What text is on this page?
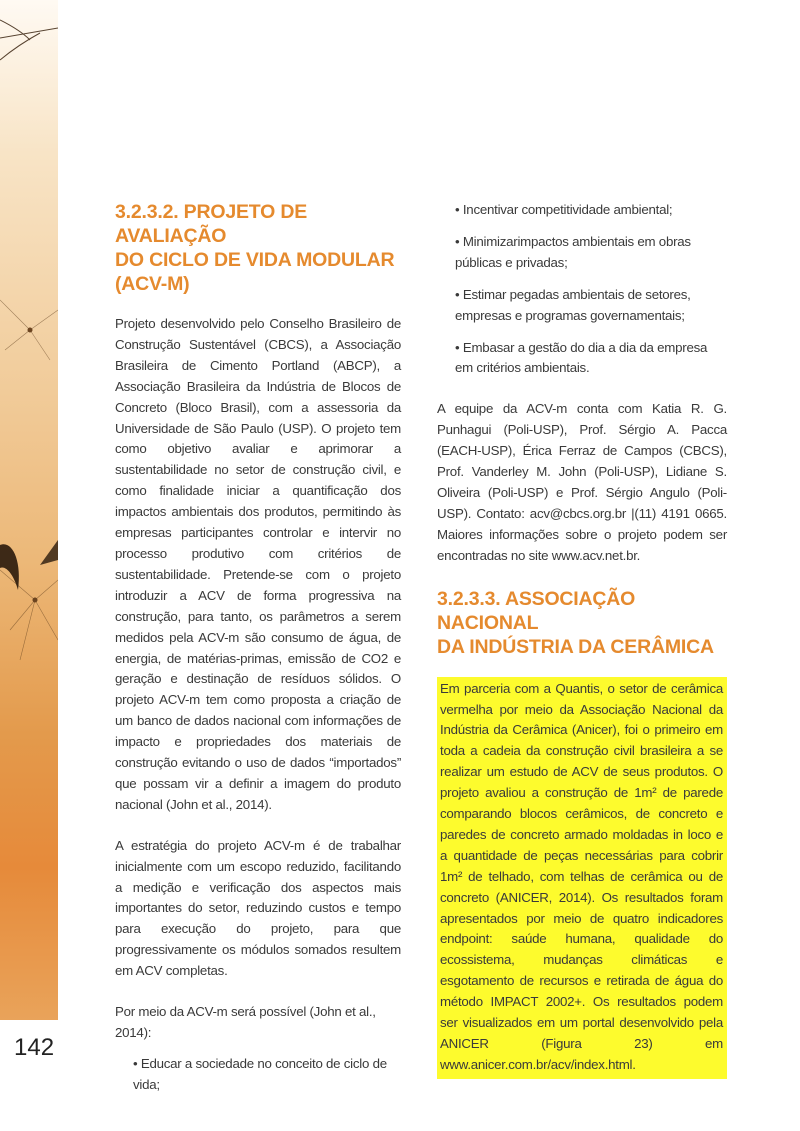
142
3.2.3.2. PROJETO DE AVALIAÇÃO
DO CICLO DE VIDA MODULAR
(ACV-M)

Projeto desenvolvido pelo Conselho Brasileiro de Construção Sustentável (CBCS), a Associação Brasileira de Cimento Portland (ABCP), a Associação Brasileira da Indústria de Blocos de Concreto (Bloco Brasil), com a assessoria da Universidade de São Paulo (USP). O projeto tem como objetivo avaliar e aprimorar a sustentabilidade no setor de construção civil, e como finalidade iniciar a quantificação dos impactos ambientais dos produtos, permitindo às empresas participantes controlar e intervir no processo produtivo com critérios de sustentabilidade. Pretende-se com o projeto introduzir a ACV de forma progressiva na construção, para tanto, os parâmetros a serem medidos pela ACV-m são consumo de água, de energia, de matérias-primas, emissão de CO2 e geração e destinação de resíduos sólidos. O projeto ACV-m tem como proposta a criação de um banco de dados nacional com informações de impacto e propriedades dos materiais de construção evitando o uso de dados “importados” que possam vir a definir a imagem do produto nacional (John et al., 2014).

A estratégia do projeto ACV-m é de trabalhar inicialmente com um escopo reduzido, facilitando a medição e verificação dos aspectos mais importantes do setor, reduzindo custos e tempo para execução do projeto, para que progressivamente os módulos somados resultem em ACV completas.

Por meio da ACV-m será possível (John et al., 2014):

• Educar a sociedade no conceito de ciclo de vida;

• Incentivar competitividade ambiental;

• Minimizarimpactos ambientais em obras públicas e privadas;

• Estimar pegadas ambientais de setores, empresas e programas governamentais;

• Embasar a gestão do dia a dia da empresa em critérios ambientais.

A equipe da ACV-m conta com Katia R. G. Punhagui (Poli-USP), Prof. Sérgio A. Pacca (EACH-USP), Érica Ferraz de Campos (CBCS), Prof. Vanderley M. John (Poli-USP), Lidiane S. Oliveira (Poli-USP) e Prof. Sérgio Angulo (Poli-USP). Contato: acv@cbcs.org.br |(11) 4191 0665. Maiores informações sobre o projeto podem ser encontradas no site www.acv.net.br.

3.2.3.3. ASSOCIAÇÃO NACIONAL
DA INDÚSTRIA DA CERÂMICA

Em parceria com a Quantis, o setor de cerâmica vermelha por meio da Associação Nacional da Indústria da Cerâmica (Anicer), foi o primeiro em toda a cadeia da construção civil brasileira a se realizar um estudo de ACV de seus produtos. O projeto avaliou a construção de 1m² de parede comparando blocos cerâmicos, de concreto e paredes de concreto armado moldadas in loco e a quantidade de peças necessárias para cobrir 1m² de telhado, com telhas de cerâmica ou de concreto (ANICER, 2014). Os resultados foram apresentados por meio de quatro indicadores endpoint: saúde humana, qualidade do ecossistema, mudanças climáticas e esgotamento de recursos e retirada de água do método IMPACT 2002+. Os resultados podem ser visualizados em um portal desenvolvido pela ANICER (Figura 23) em www.anicer.com.br/acv/index.html.
